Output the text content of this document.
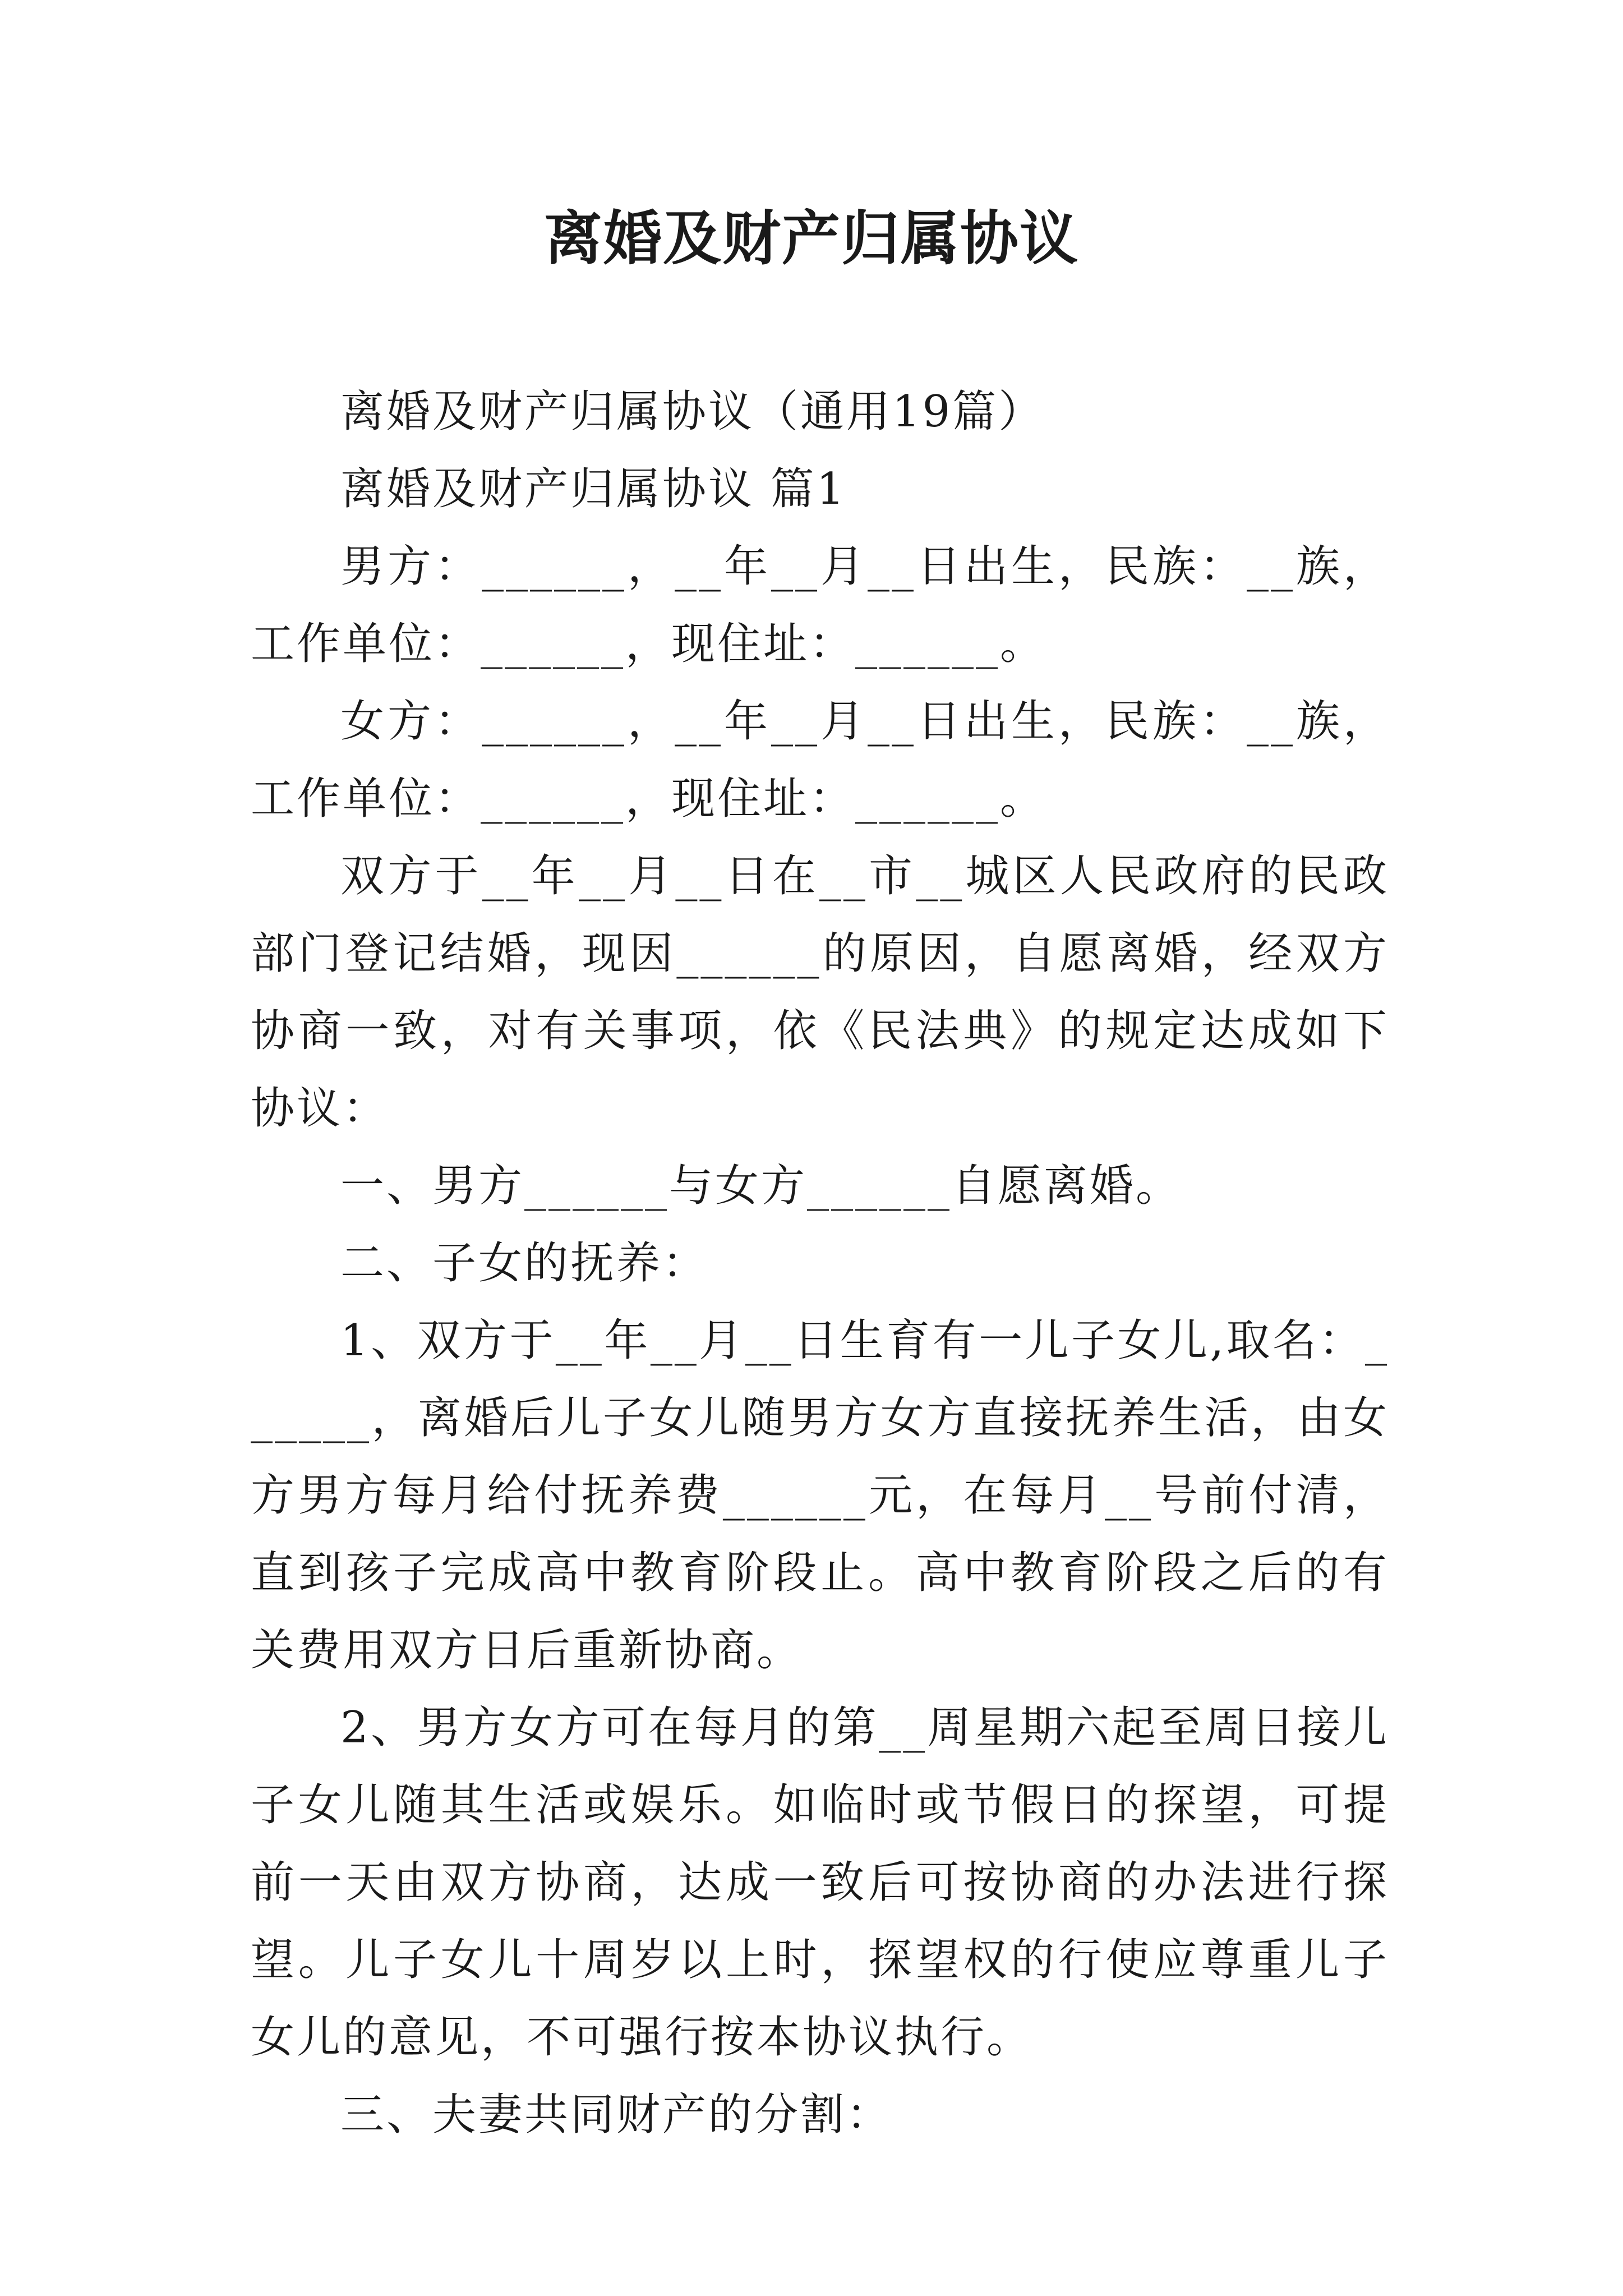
离婚及财产归属协议

离婚及财产归属协议（通用19篇）

离婚及财产归属协议 篇1

男方：______，__年__月__日出生，民族：__族，工作单位：______，现住址：______。

女方：______，__年__月__日出生，民族：__族，工作单位：______，现住址：______。

双方于__年__月__日在__市__城区人民政府的民政部门登记结婚，现因______的原因，自愿离婚，经双方协商一致，对有关事项，依《民法典》的规定达成如下协议：

一、男方______与女方______自愿离婚。

二、子女的抚养：

1、双方于__年__月__日生育有一儿子女儿,取名：______，离婚后儿子女儿随男方女方直接抚养生活，由女方男方每月给付抚养费______元，在每月__号前付清，直到孩子完成高中教育阶段止。高中教育阶段之后的有关费用双方日后重新协商。

2、男方女方可在每月的第__周星期六起至周日接儿子女儿随其生活或娱乐。如临时或节假日的探望，可提前一天由双方协商，达成一致后可按协商的办法进行探望。儿子女儿十周岁以上时，探望权的行使应尊重儿子女儿的意见，不可强行按本协议执行。

三、夫妻共同财产的分割：
